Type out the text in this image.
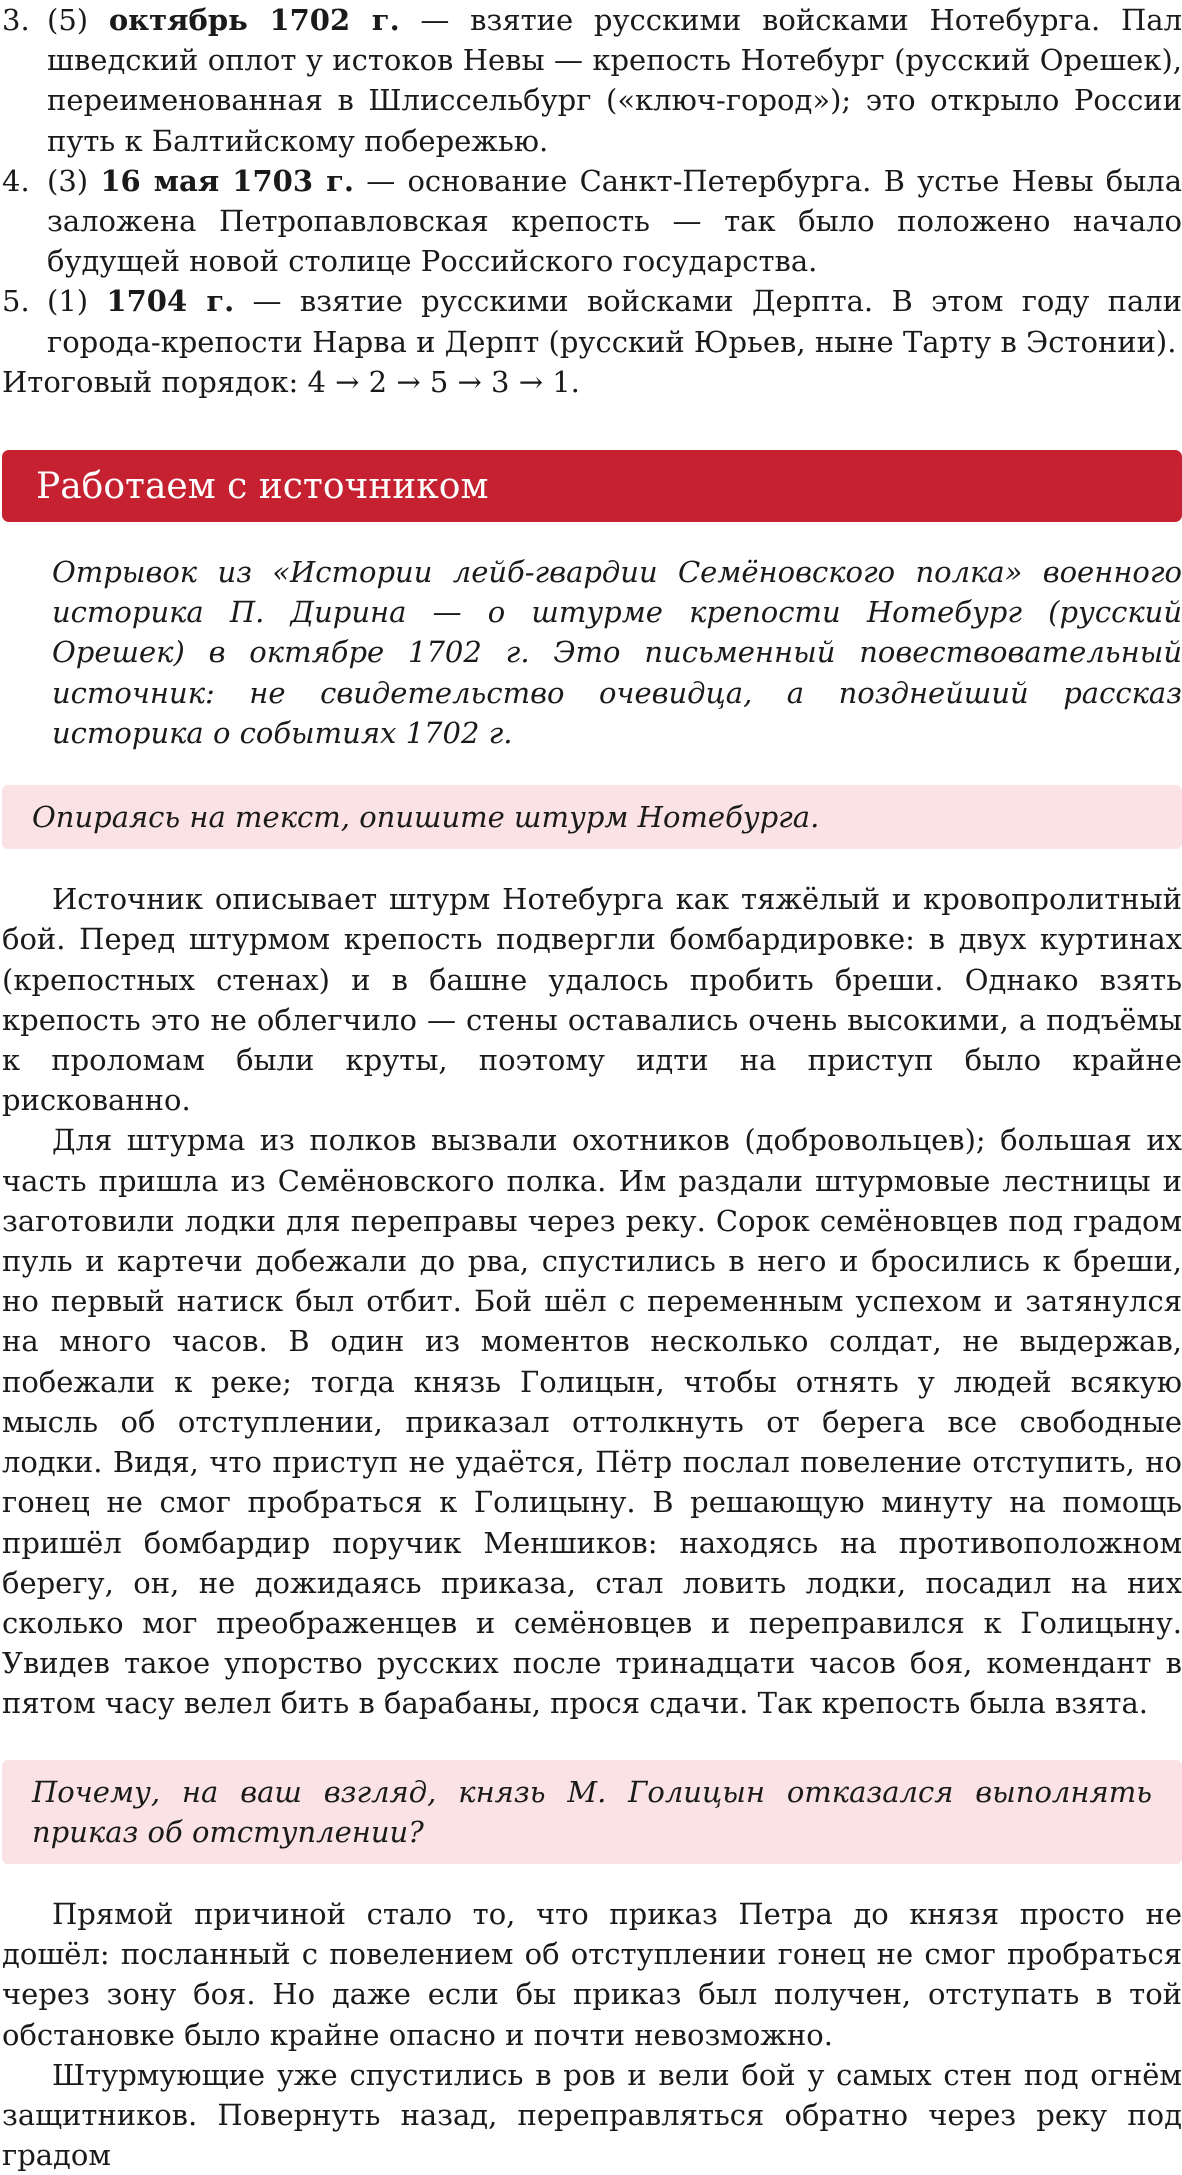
3. (5) октябрь 1702 г. — взятие русскими войсками Нотебурга. Пал шведский оплот у истоков Невы — крепость Нотебург (русский Орешек), переименованная в Шлиссельбург («ключ-город»); это открыло России путь к Балтийскому побережью.
4. (3) 16 мая 1703 г. — основание Санкт-Петербурга. В устье Невы была заложена Петропавловская крепость — так было положено начало будущей новой столице Российского государства.
5. (1) 1704 г. — взятие русскими войсками Дерпта. В этом году пали города-крепости Нарва и Дерпт (русский Юрьев, ныне Тарту в Эстонии).

Итоговый порядок: 4 → 2 → 5 → 3 → 1.

Работаем с источником

Отрывок из «Истории лейб-гвардии Семёновского полка» военного историка П. Дирина — о штурме крепости Нотебург (русский Орешек) в октябре 1702 г. Это письменный повествовательный источник: не свидетельство очевидца, а позднейший рассказ историка о событиях 1702 г.

Опираясь на текст, опишите штурм Нотебурга.

Источник описывает штурм Нотебурга как тяжёлый и кровопролитный бой. Перед штурмом крепость подвергли бомбардировке: в двух куртинах (крепостных стенах) и в башне удалось пробить бреши. Однако взять крепость это не облегчило — стены оставались очень высокими, а подъёмы к проломам были круты, поэтому идти на приступ было крайне рискованно.

Для штурма из полков вызвали охотников (добровольцев); большая их часть пришла из Семёновского полка. Им раздали штурмовые лестницы и заготовили лодки для переправы через реку. Сорок семёновцев под градом пуль и картечи добежали до рва, спустились в него и бросились к бреши, но первый натиск был отбит. Бой шёл с переменным успехом и затянулся на много часов. В один из моментов несколько солдат, не выдержав, побежали к реке; тогда князь Голицын, чтобы отнять у людей всякую мысль об отступлении, приказал оттолкнуть от берега все свободные лодки. Видя, что приступ не удаётся, Пётр послал повеление отступить, но гонец не смог пробраться к Голицыну. В решающую минуту на помощь пришёл бомбардир поручик Меншиков: находясь на противоположном берегу, он, не дожидаясь приказа, стал ловить лодки, посадил на них сколько мог преображенцев и семёновцев и переправился к Голицыну. Увидев такое упорство русских после тринадцати часов боя, комендант в пятом часу велел бить в барабаны, прося сдачи. Так крепость была взята.

Почему, на ваш взгляд, князь М. Голицын отказался выполнять приказ об отступлении?

Прямой причиной стало то, что приказ Петра до князя просто не дошёл: посланный с повелением об отступлении гонец не смог пробраться через зону боя. Но даже если бы приказ был получен, отступать в той обстановке было крайне опасно и почти невозможно.

Штурмующие уже спустились в ров и вели бой у самых стен под огнём защитников. Повернуть назад, переправляться обратно через реку под градом
